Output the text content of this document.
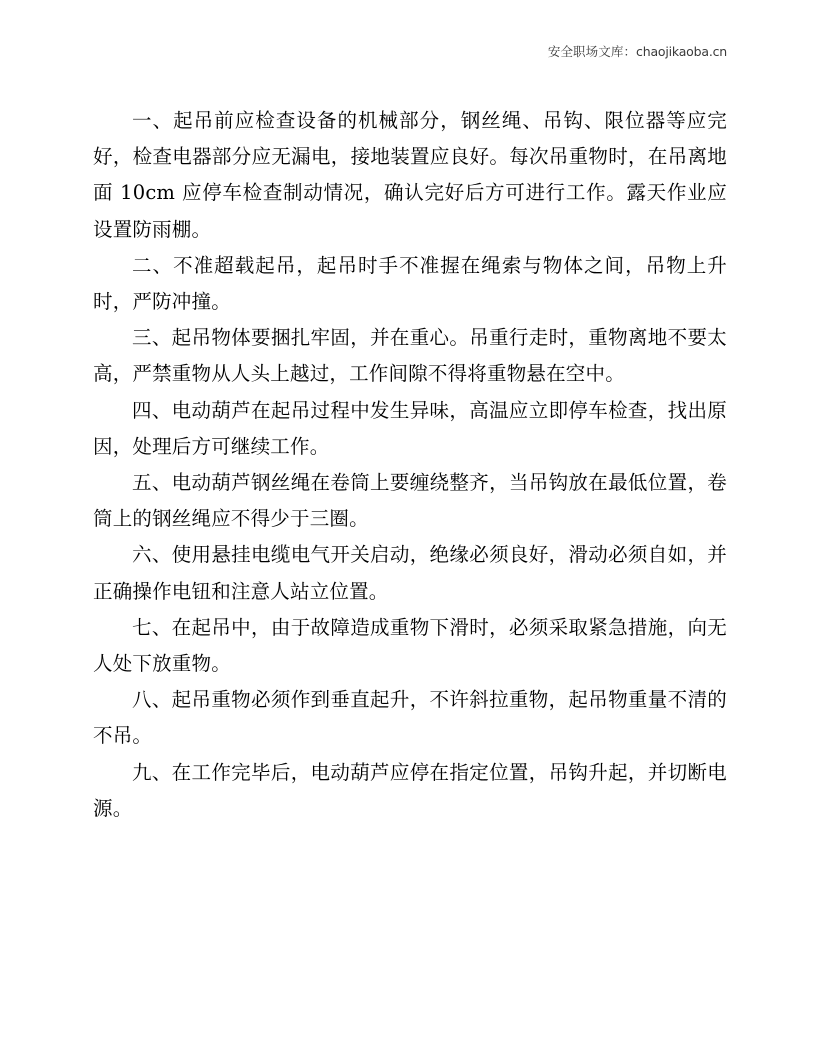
安全职场文库：chaojikaoba.cn

一、起吊前应检查设备的机械部分，钢丝绳、吊钩、限位器等应完好，检查电器部分应无漏电，接地装置应良好。每次吊重物时，在吊离地面 10cm 应停车检查制动情况，确认完好后方可进行工作。露天作业应设置防雨棚。

二、不准超载起吊，起吊时手不准握在绳索与物体之间，吊物上升时，严防冲撞。

三、起吊物体要捆扎牢固，并在重心。吊重行走时，重物离地不要太高，严禁重物从人头上越过，工作间隙不得将重物悬在空中。

四、电动葫芦在起吊过程中发生异味，高温应立即停车检查，找出原因，处理后方可继续工作。

五、电动葫芦钢丝绳在卷筒上要缠绕整齐，当吊钩放在最低位置，卷筒上的钢丝绳应不得少于三圈。

六、使用悬挂电缆电气开关启动，绝缘必须良好，滑动必须自如，并正确操作电钮和注意人站立位置。

七、在起吊中，由于故障造成重物下滑时，必须采取紧急措施，向无人处下放重物。

八、起吊重物必须作到垂直起升，不许斜拉重物，起吊物重量不清的不吊。

九、在工作完毕后，电动葫芦应停在指定位置，吊钩升起，并切断电源。
